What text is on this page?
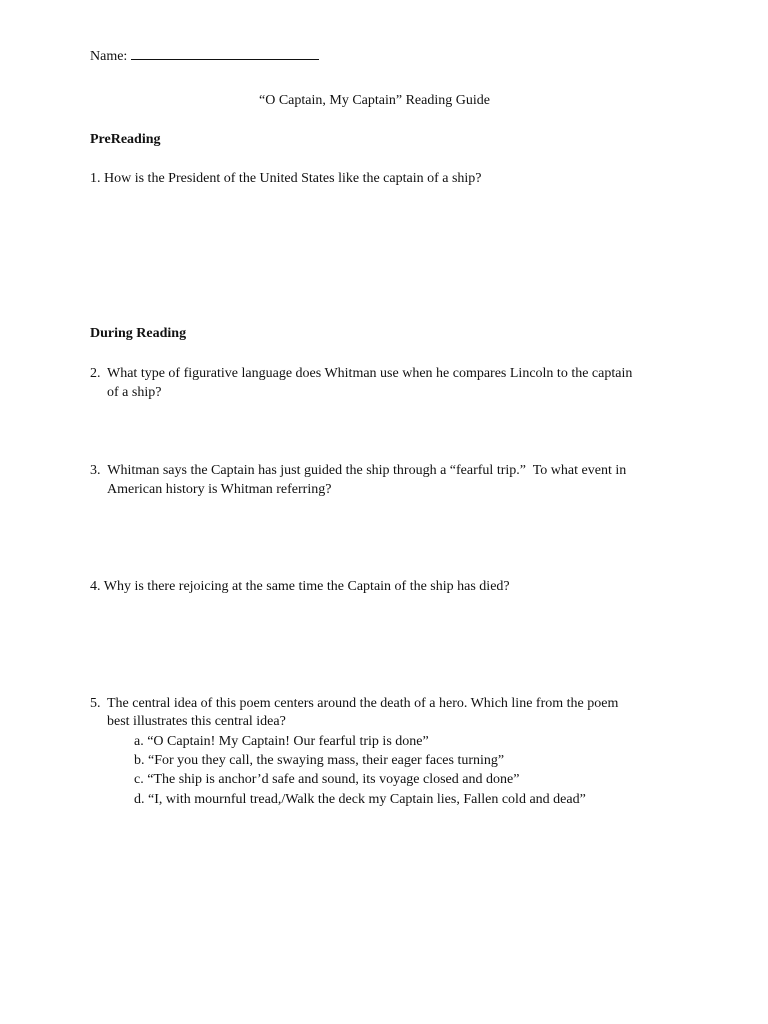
Name:
“O Captain, My Captain” Reading Guide
PreReading
1. How is the President of the United States like the captain of a ship?
During Reading
2. What type of figurative language does Whitman use when he compares Lincoln to the captain
of a ship?
3. Whitman says the Captain has just guided the ship through a “fearful trip.”  To what event in
American history is Whitman referring?
4. Why is there rejoicing at the same time the Captain of the ship has died?
5. The central idea of this poem centers around the death of a hero. Which line from the poem
best illustrates this central idea?
a. “O Captain! My Captain! Our fearful trip is done”
b. “For you they call, the swaying mass, their eager faces turning”
c. “The ship is anchor’d safe and sound, its voyage closed and done”
d. “I, with mournful tread,/Walk the deck my Captain lies, Fallen cold and dead”
